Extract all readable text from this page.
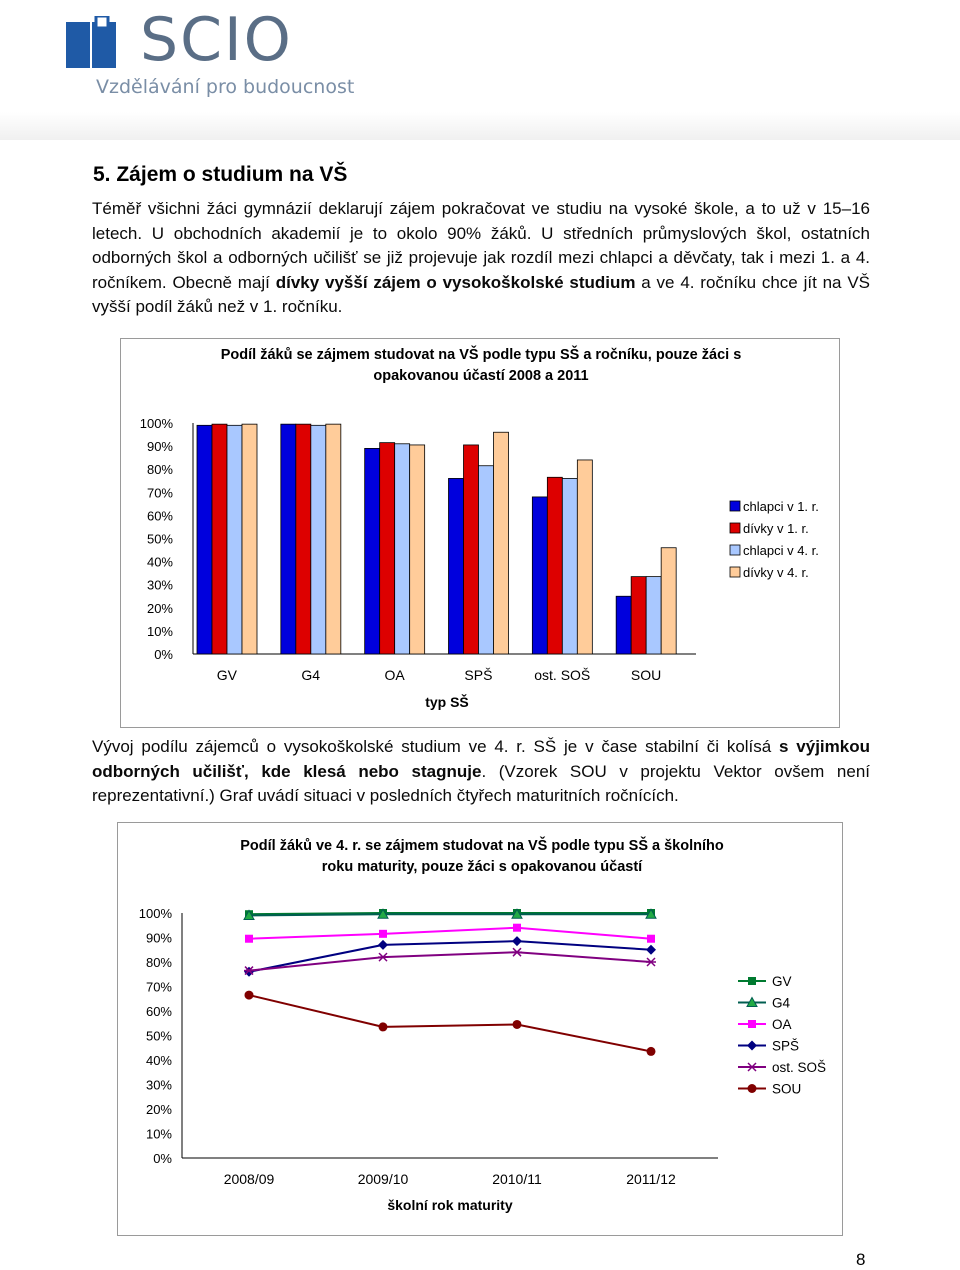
SCIO
Vzdělávání pro budoucnost
5. Zájem o studium na VŠ

Téměř všichni žáci gymnázií deklarují zájem pokračovat ve studiu na vysoké škole, a to už v 15–16 letech. U obchodních akademií je to okolo 90% žáků. U středních průmyslových škol, ostatních odborných škol a odborných učilišť se již projevuje jak rozdíl mezi chlapci a děvčaty, tak i mezi 1. a 4. ročníkem. Obecně mají dívky vyšší zájem o vysokoškolské studium a ve 4. ročníku chce jít na VŠ vyšší podíl žáků než v 1. ročníku.

Podíl žáků se zájmem studovat na VŠ podle typu SŠ a ročníku, pouze žáci s
opakovanou účastí 2008 a 2011
100%
90%
80%
70%
60%
50%
40%
30%
20%
10%
0%
GV	G4	OA	SPŠ	ost. SOŠ	SOU
typ SŠ
chlapci v 1. r.
dívky v 1. r.
chlapci v 4. r.
dívky v 4. r.

Vývoj podílu zájemců o vysokoškolské studium ve 4. r. SŠ je v čase stabilní či kolísá s výjimkou odborných učilišť, kde klesá nebo stagnuje. (Vzorek SOU v projektu Vektor ovšem není reprezentativní.) Graf uvádí situaci v posledních čtyřech maturitních ročnících.

Podíl žáků ve 4. r. se zájmem studovat na VŠ podle typu SŠ a školního
roku maturity, pouze žáci s opakovanou účastí
100%
90%
80%
70%
60%
50%
40%
30%
20%
10%
0%
2008/09	2009/10	2010/11	2011/12
školní rok maturity
GV
G4
OA
SPŠ
ost. SOŠ
SOU

8
